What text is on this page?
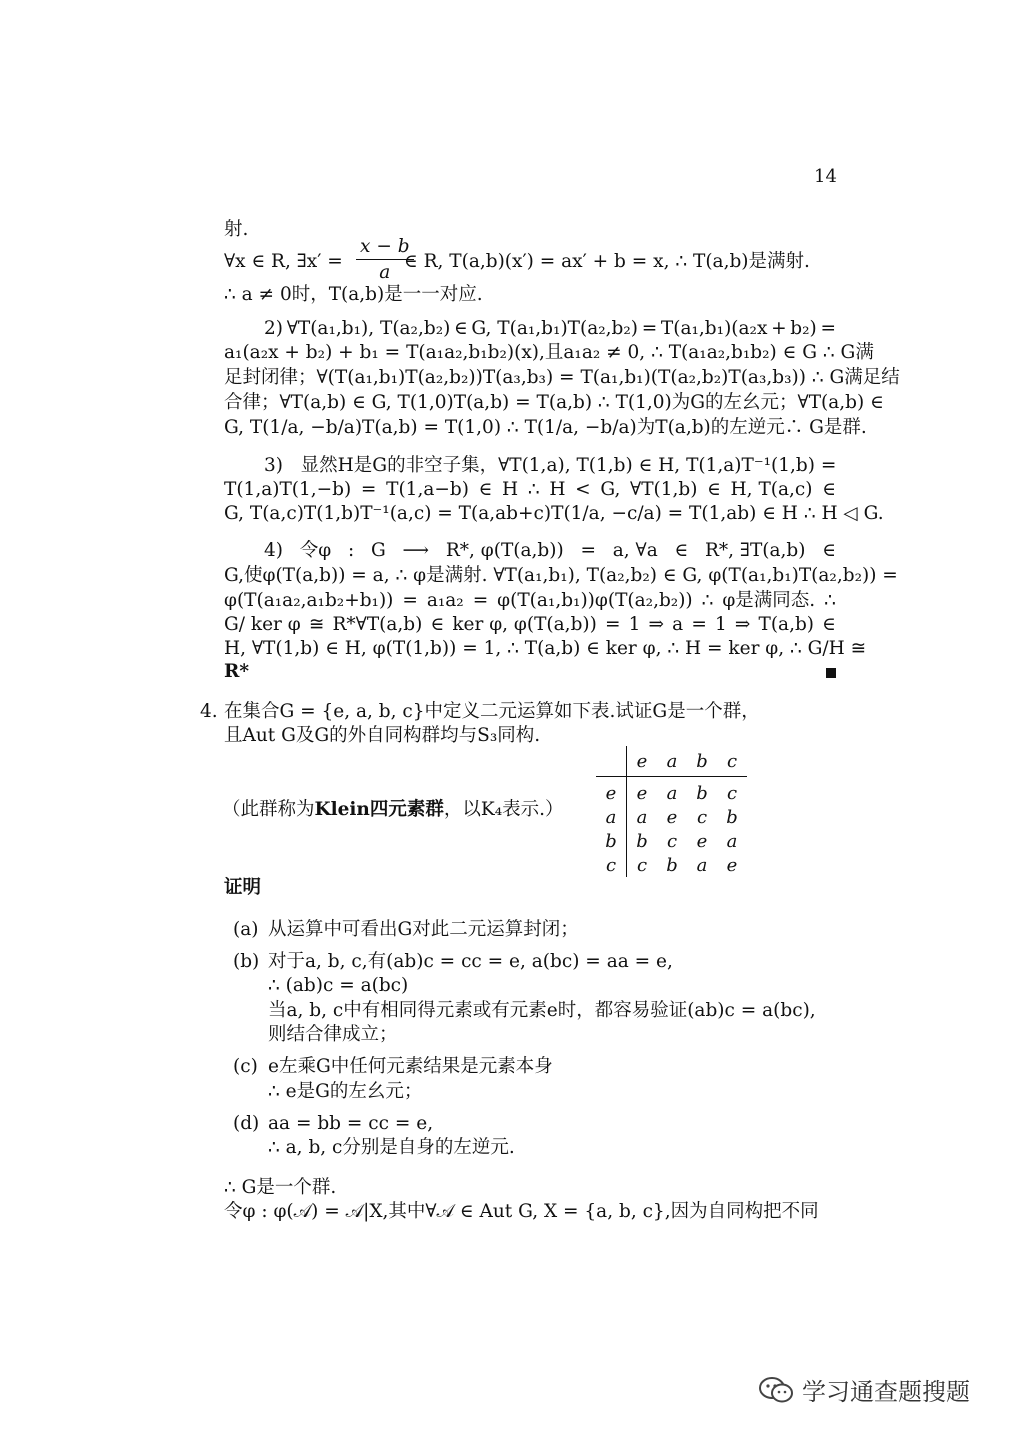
14
射.
∀x ∈ R, ∃x′ = $\frac{x - b}{a}$
∈ R, T(a,b)(x′) = ax′ + b = x, ∴ T(a,b)是满射.
∴ a ≠ 0时，T(a,b)是一一对应.
2) ∀T(a₁,b₁), T(a₂,b₂) ∈ G, T(a₁,b₁)T(a₂,b₂) = T(a₁,b₁)(a₂x + b₂) =
a₁(a₂x + b₂) + b₁ = T(a₁a₂,b₁b₂)(x),且a₁a₂ ≠ 0, ∴ T(a₁a₂,b₁b₂) ∈ G ∴ G满
足封闭律；∀(T(a₁,b₁)T(a₂,b₂))T(a₃,b₃) = T(a₁,b₁)(T(a₂,b₂)T(a₃,b₃)) ∴ G满足结
合律；∀T(a,b) ∈ G, T(1,0)T(a,b) = T(a,b) ∴ T(1,0)为G的左幺元；∀T(a,b) ∈
G, T(1/a, −b/a)T(a,b) = T(1,0) ∴ T(1/a, −b/a)为T(a,b)的左逆元∴ G是群.
3) 显然H是G的非空子集，∀T(1,a), T(1,b) ∈ H, T(1,a)T⁻¹(1,b) =
T(1,a)T(1,−b) = T(1,a−b) ∈ H ∴ H < G, ∀T(1,b) ∈ H, T(a,c) ∈
G, T(a,c)T(1,b)T⁻¹(a,c) = T(a,ab+c)T(1/a, −c/a) = T(1,ab) ∈ H ∴ H ◁ G.
4) 令φ : G ⟶ R*, φ(T(a,b)) = a, ∀a ∈ R*, ∃T(a,b) ∈
G,使φ(T(a,b)) = a, ∴ φ是满射. ∀T(a₁,b₁), T(a₂,b₂) ∈ G, φ(T(a₁,b₁)T(a₂,b₂)) =
φ(T(a₁a₂,a₁b₂+b₁)) = a₁a₂ = φ(T(a₁,b₁))φ(T(a₂,b₂)) ∴ φ是满同态. ∴
G/ ker φ ≅ R*∀T(a,b) ∈ ker φ, φ(T(a,b)) = 1 ⇒ a = 1 ⇒ T(a,b) ∈
H, ∀T(1,b) ∈ H, φ(T(1,b)) = 1, ∴ T(a,b) ∈ ker φ, ∴ H = ker φ, ∴ G/H ≅
R*
4. 在集合G = {e, a, b, c}中定义二元运算如下表.试证G是一个群，
且Aut G及G的外自同构群均与S₃同构.
（此群称为Klein四元素群，以K₄表示.）
	e	a	b	c
e	e	a	b	c
a	a	e	c	b
b	b	c	e	a
c	c	b	a	e
证明
(a) 从运算中可看出G对此二元运算封闭；
(b) 对于a, b, c,有(ab)c = cc = e, a(bc) = aa = e,
∴ (ab)c = a(bc)
当a, b, c中有相同得元素或有元素e时，都容易验证(ab)c = a(bc),
则结合律成立；
(c) e左乘G中任何元素结果是元素本身
∴ e是G的左幺元；
(d) aa = bb = cc = e,
∴ a, b, c分别是自身的左逆元.
∴ G是一个群.
令φ : φ(𝒜) = 𝒜|X,其中∀𝒜 ∈ Aut G, X = {a, b, c},因为自同构把不同
学习通查题搜题
